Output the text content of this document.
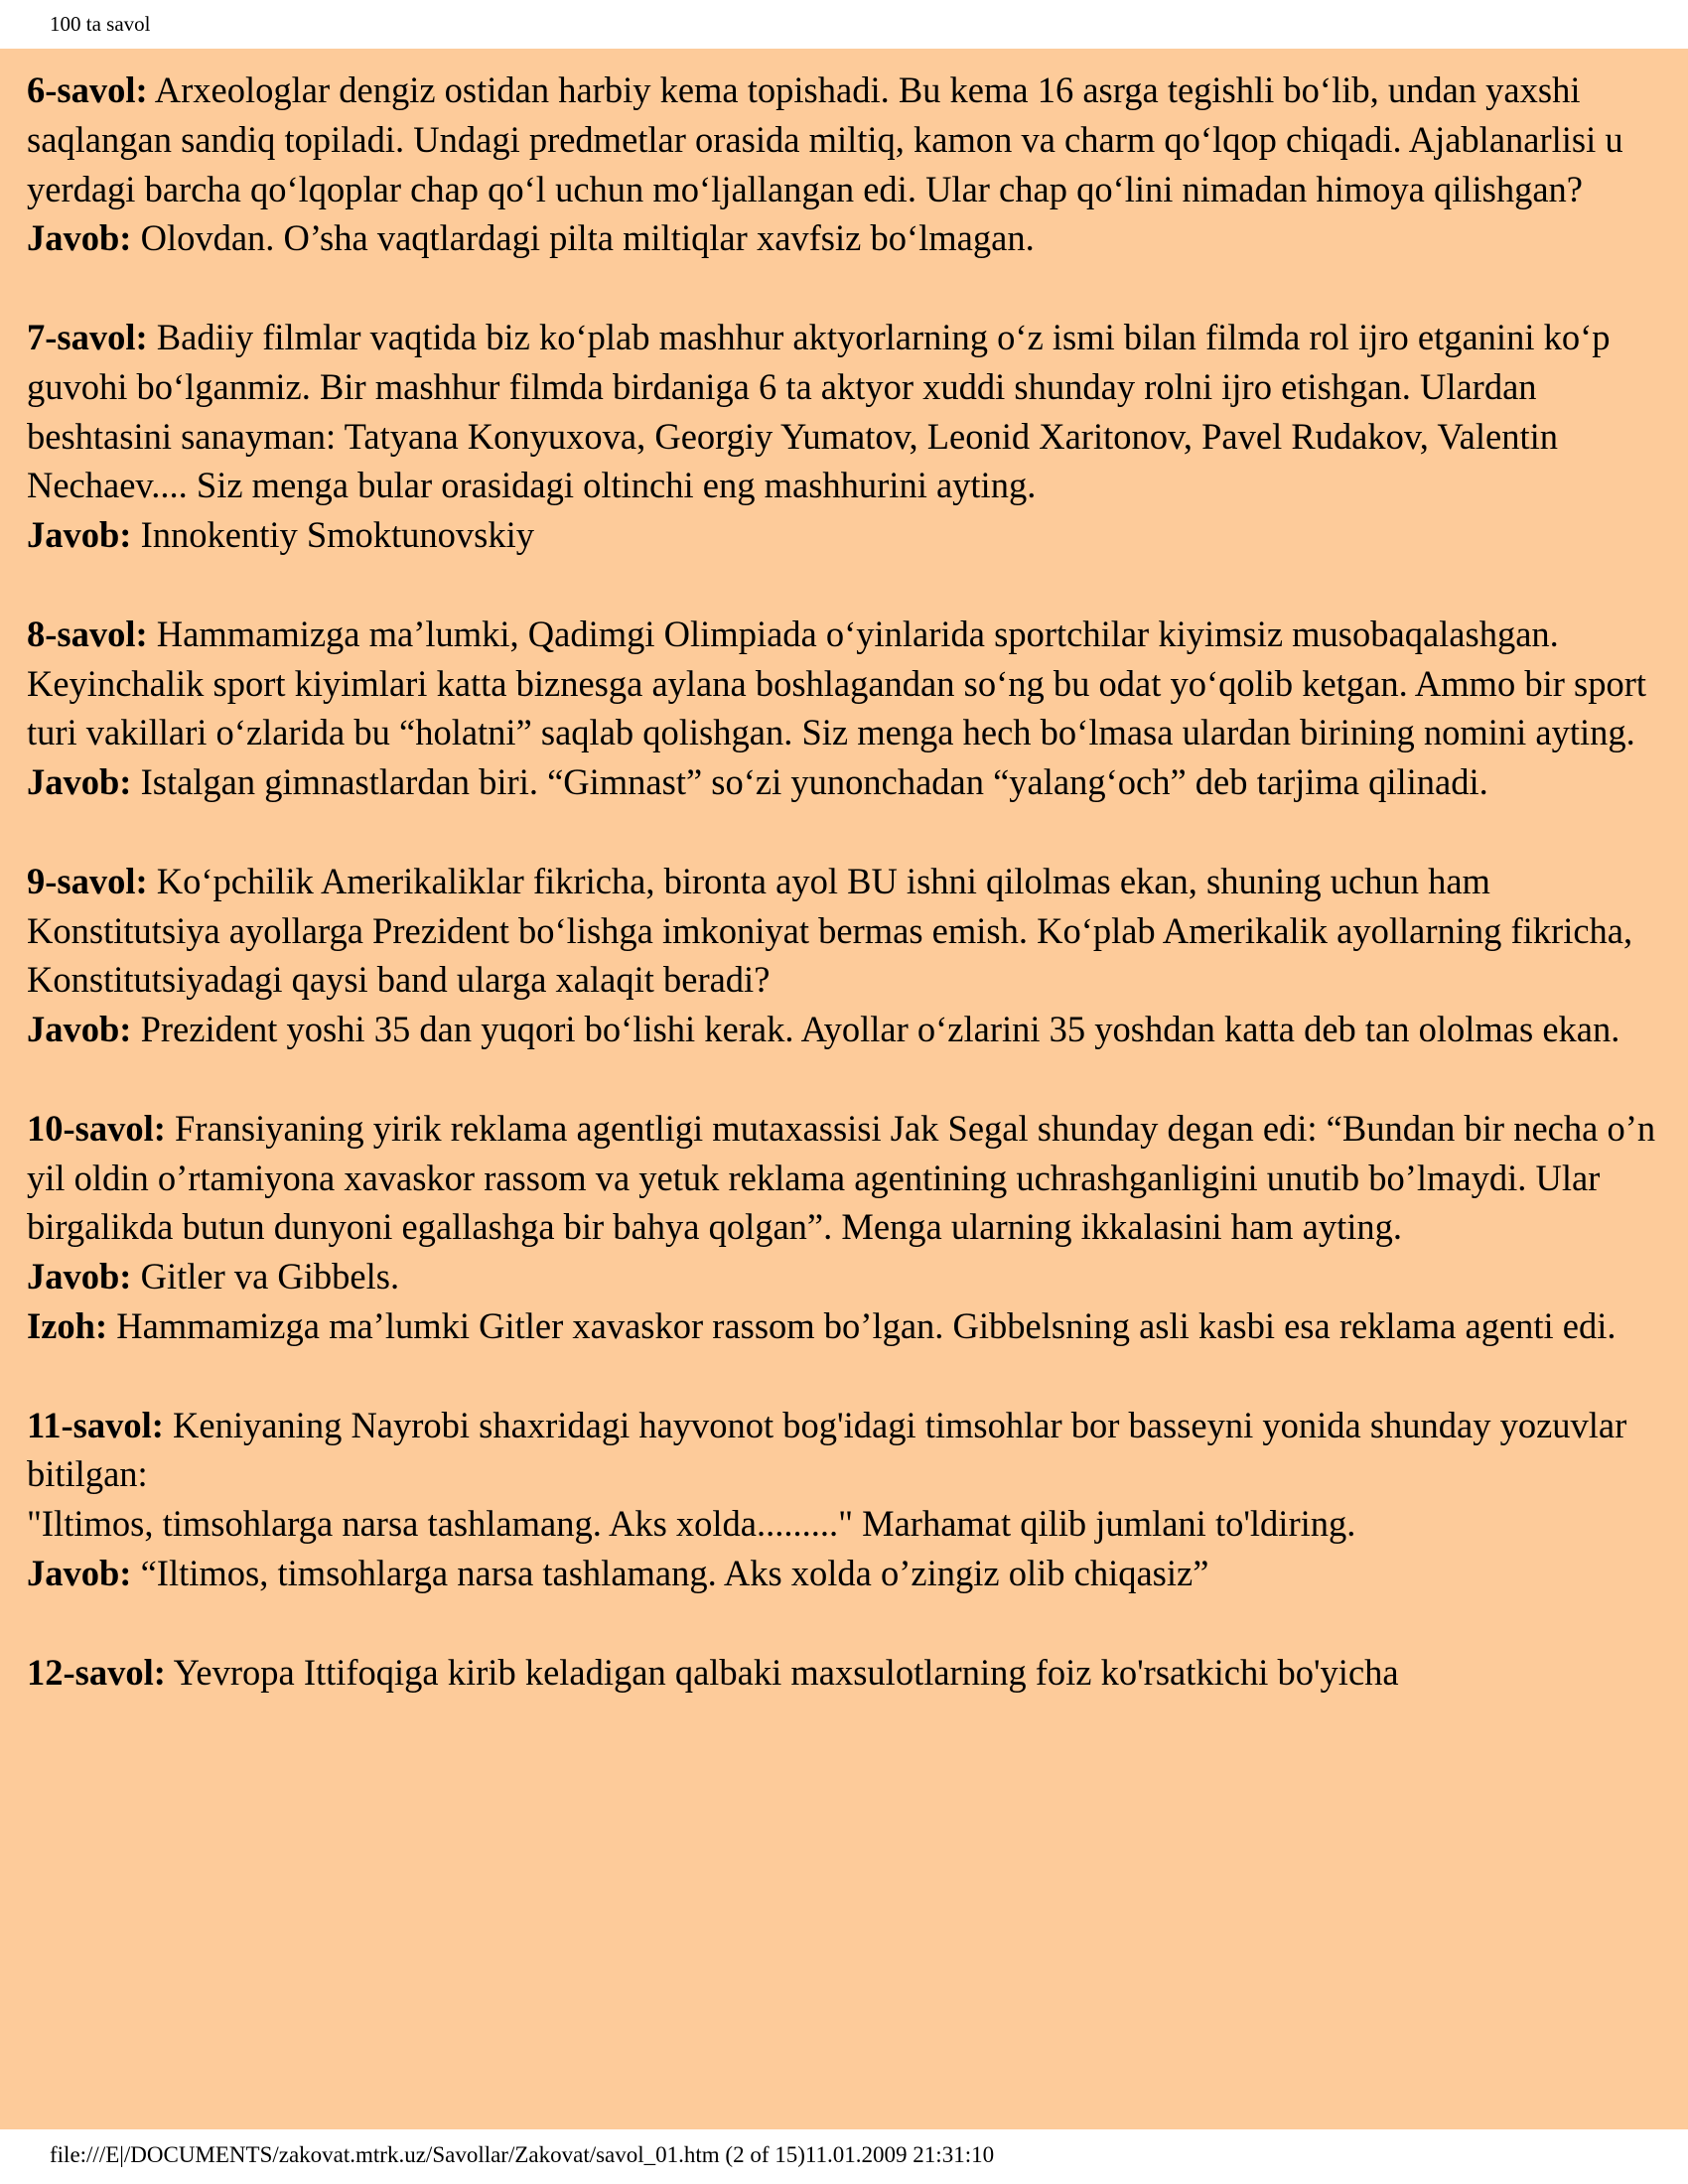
100 ta savol

6-savol: Arxeologlar dengiz ostidan harbiy kema topishadi. Bu kema 16 asrga tegishli bo‘lib, undan yaxshi saqlangan sandiq topiladi. Undagi predmetlar orasida miltiq, kamon va charm qo‘lqop chiqadi. Ajablanarlisi u yerdagi barcha qo‘lqoplar chap qo‘l uchun mo‘ljallangan edi. Ular chap qo‘lini nimadan himoya qilishgan?

Javob: Olovdan. O’sha vaqtlardagi pilta miltiqlar xavfsiz bo‘lmagan.

7-savol: Badiiy filmlar vaqtida biz ko‘plab mashhur aktyorlarning o‘z ismi bilan filmda rol ijro etganini ko‘p guvohi bo‘lganmiz. Bir mashhur filmda birdaniga 6 ta aktyor xuddi shunday rolni ijro etishgan. Ulardan beshtasini sanayman: Tatyana Konyuxova, Georgiy Yumatov, Leonid Xaritonov, Pavel Rudakov, Valentin Nechaev.... Siz menga bular orasidagi oltinchi eng mashhurini ayting.

Javob: Innokentiy Smoktunovskiy

8-savol: Hammamizga ma’lumki, Qadimgi Olimpiada o‘yinlarida sportchilar kiyimsiz musobaqalashgan. Keyinchalik sport kiyimlari katta biznesga aylana boshlagandan so‘ng bu odat yo‘qolib ketgan. Ammo bir sport turi vakillari o‘zlarida bu “holatni” saqlab qolishgan. Siz menga hech bo‘lmasa ulardan birining nomini ayting.

Javob: Istalgan gimnastlardan biri. “Gimnast” so‘zi yunonchadan “yalang‘och” deb tarjima qilinadi.

9-savol: Ko‘pchilik Amerikaliklar fikricha, bironta ayol BU ishni qilolmas ekan, shuning uchun ham Konstitutsiya ayollarga Prezident bo‘lishga imkoniyat bermas emish. Ko‘plab Amerikalik ayollarning fikricha, Konstitutsiyadagi qaysi band ularga xalaqit beradi?

Javob: Prezident yoshi 35 dan yuqori bo‘lishi kerak. Ayollar o‘zlarini 35 yoshdan katta deb tan ololmas ekan.

10-savol: Fransiyaning yirik reklama agentligi mutaxassisi Jak Segal shunday degan edi: “Bundan bir necha o’n yil oldin o’rtamiyona xavaskor rassom va yetuk reklama agentining uchrashganligini unutib bo’lmaydi. Ular birgalikda butun dunyoni egallashga bir bahya qolgan”. Menga ularning ikkalasini ham ayting.

Javob: Gitler va Gibbels.

Izoh: Hammamizga ma’lumki Gitler xavaskor rassom bo’lgan. Gibbelsning asli kasbi esa reklama agenti edi.

11-savol: Keniyaning Nayrobi shaxridagi hayvonot bog'idagi timsohlar bor basseyni yonida shunday yozuvlar bitilgan:

"Iltimos, timsohlarga narsa tashlamang. Aks xolda........." Marhamat qilib jumlani to'ldiring.

Javob: “Iltimos, timsohlarga narsa tashlamang. Aks xolda o’zingiz olib chiqasiz”

12-savol: Yevropa Ittifoqiga kirib keladigan qalbaki maxsulotlarning foiz ko'rsatkichi bo'yicha

file:///E|/DOCUMENTS/zakovat.mtrk.uz/Savollar/Zakovat/savol_01.htm (2 of 15)11.01.2009 21:31:10
